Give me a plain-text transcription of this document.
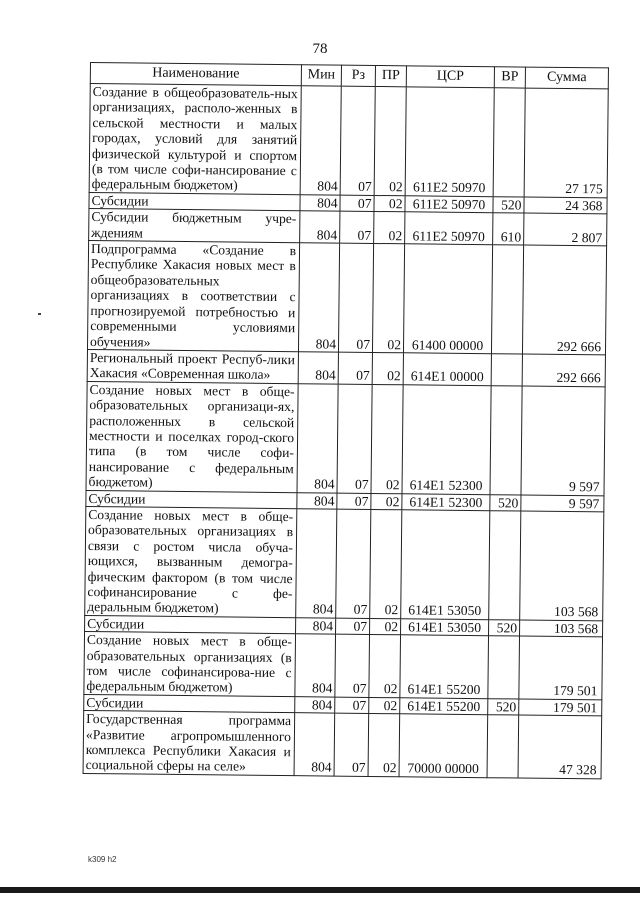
78
Наименование	Мин	Рз	ПР	ЦСР	ВР	Сумма
Создание в общеобразователь-ных организациях, располо-женных в сельской местности и малых городах, условий для занятий физической культурой и спортом (в том числе софи-нансирование с федеральным бюджетом)	804	07	02	611E2 50970		27 175
Субсидии	804	07	02	611E2 50970	520	24 368
Субсидии бюджетным учре-ждениям	804	07	02	611E2 50970	610	2 807
Подпрограмма «Создание в Республике Хакасия новых мест в общеобразовательных организациях в соответствии с прогнозируемой потребностью и современными условиями обучения»	804	07	02	61400 00000		292 666
Региональный проект Респуб-лики Хакасия «Современная школа»	804	07	02	614E1 00000		292 666
Создание новых мест в обще-образовательных организаци-ях, расположенных в сельской местности и поселках город-ского типа (в том числе софи-нансирование с федеральным бюджетом)	804	07	02	614E1 52300		9 597
Субсидии	804	07	02	614E1 52300	520	9 597
Создание новых мест в обще-образовательных организациях в связи с ростом числа обуча-ющихся, вызванным демогра-фическим фактором (в том числе софинансирование с фе-деральным бюджетом)	804	07	02	614E1 53050		103 568
Субсидии	804	07	02	614E1 53050	520	103 568
Создание новых мест в обще-образовательных организациях (в том числе софинансирова-ние с федеральным бюджетом)	804	07	02	614E1 55200		179 501
Субсидии	804	07	02	614E1 55200	520	179 501
Государственная программа «Развитие агропромышленного комплекса Республики Хакасия и социальной сферы на селе»	804	07	02	70000 00000		47 328
k309 h2
